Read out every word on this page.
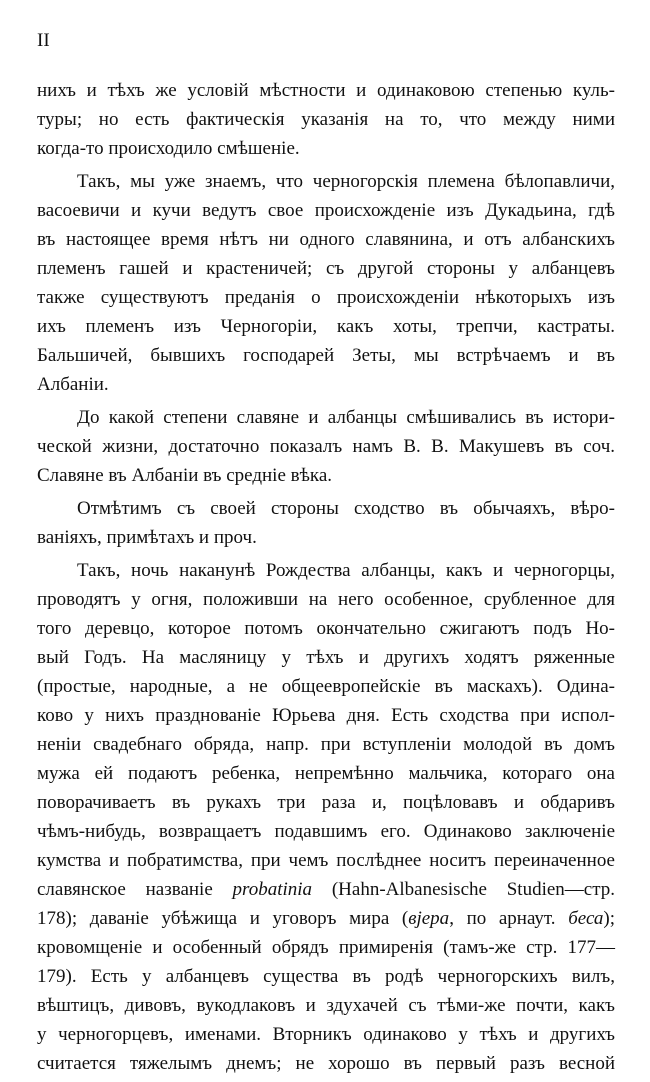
II
нихъ и тѣхъ же условій мѣстности и одинаковою степенью куль-
туры; но есть фактическія указанія на то, что между ними
когда-то происходило смѣшеніе.
Такъ, мы уже знаемъ, что черногорскія племена бѣлопавличи,
васоевичи и кучи ведутъ свое происхожденіе изъ Дукадьина, гдѣ
въ настоящее время нѣтъ ни одного славянина, и отъ албанскихъ
племенъ гашей и крастеничей; съ другой стороны у албанцевъ
также существуютъ преданія о происхожденіи нѣкоторыхъ изъ
ихъ племенъ изъ Черногоріи, какъ хоты, трепчи, кастраты.
Бальшичей, бывшихъ господарей Зеты, мы встрѣчаемъ и въ
Албаніи.
До какой степени славяне и албанцы смѣшивались въ истори-
ческой жизни, достаточно показалъ намъ В. В. Макушевъ въ соч.
Славяне въ Албаніи въ средніе вѣка.
Отмѣтимъ съ своей стороны сходство въ обычаяхъ, вѣро-
ваніяхъ, примѣтахъ и проч.
Такъ, ночь наканунѣ Рождества албанцы, какъ и черногорцы,
проводятъ у огня, положивши на него особенное, срубленное для
того деревцо, которое потомъ окончательно сжигаютъ подъ Но-
вый Годъ. На масляницу у тѣхъ и другихъ ходятъ ряженные
(простые, народные, а не общеевропейскіе въ маскахъ). Одина-
ково у нихъ празднованіе Юрьева дня. Есть сходства при испол-
неніи свадебнаго обряда, напр. при вступленіи молодой въ домъ
мужа ей подаютъ ребенка, непремѣнно мальчика, котораго она
поворачиваетъ въ рукахъ три раза и, поцѣловавъ и обдаривъ
чѣмъ-нибудь, возвращаетъ подавшимъ его. Одинаково заключеніе
кумства и побратимства, при чемъ послѣднее носитъ переиначенное
славянское названіе probatinia (Hahn-Albanesische Studien—стр.
178); даваніе убѣжища и уговоръ мира (вjера, по арнаут. беса);
кровомщеніе и особенный обрядъ примиренія (тамъ-же стр. 177—
179). Есть у албанцевъ существа въ родѣ черногорскихъ вилъ,
вѣштицъ, дивовъ, вукодлаковъ и здухачей съ тѣми-же почти, какъ
у черногорцевъ, именами. Вторникъ одинаково у тѣхъ и другихъ
считается тяжелымъ днемъ; не хорошо въ первый разъ весной
